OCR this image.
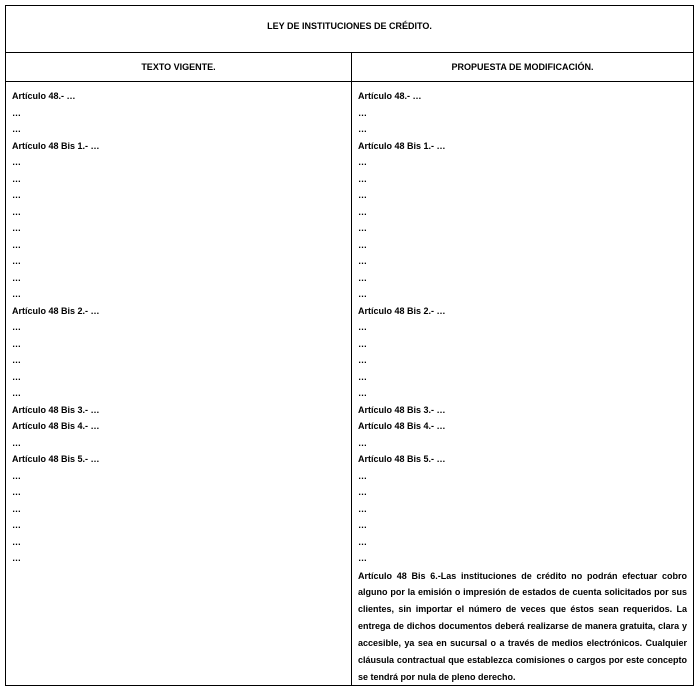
LEY DE INSTITUCIONES DE CRÉDITO.
TEXTO VIGENTE.	PROPUESTA DE MODIFICACIÓN.
Artículo 48.- …
…
…
Artículo 48 Bis 1.- …
…
…
…
…
…
…
…
…
…
Artículo 48 Bis 2.- …
…
…
…
…
…
Artículo 48 Bis 3.- …
Artículo 48 Bis 4.- …
…
Artículo 48 Bis 5.- …
…
…
…
…
…
…
Artículo 48.- …
…
…
Artículo 48 Bis 1.- …
…
…
…
…
…
…
…
…
…
Artículo 48 Bis 2.- …
…
…
…
…
…
Artículo 48 Bis 3.- …
Artículo 48 Bis 4.- …
…
Artículo 48 Bis 5.- …
…
…
…
…
…
…
Artículo 48 Bis 6.-Las instituciones de crédito no podrán efectuar cobro alguno por la emisión o impresión de estados de cuenta solicitados por sus clientes, sin importar el número de veces que éstos sean requeridos. La entrega de dichos documentos deberá realizarse de manera gratuita, clara y accesible, ya sea en sucursal o a través de medios electrónicos. Cualquier cláusula contractual que establezca comisiones o cargos por este concepto se tendrá por nula de pleno derecho.
